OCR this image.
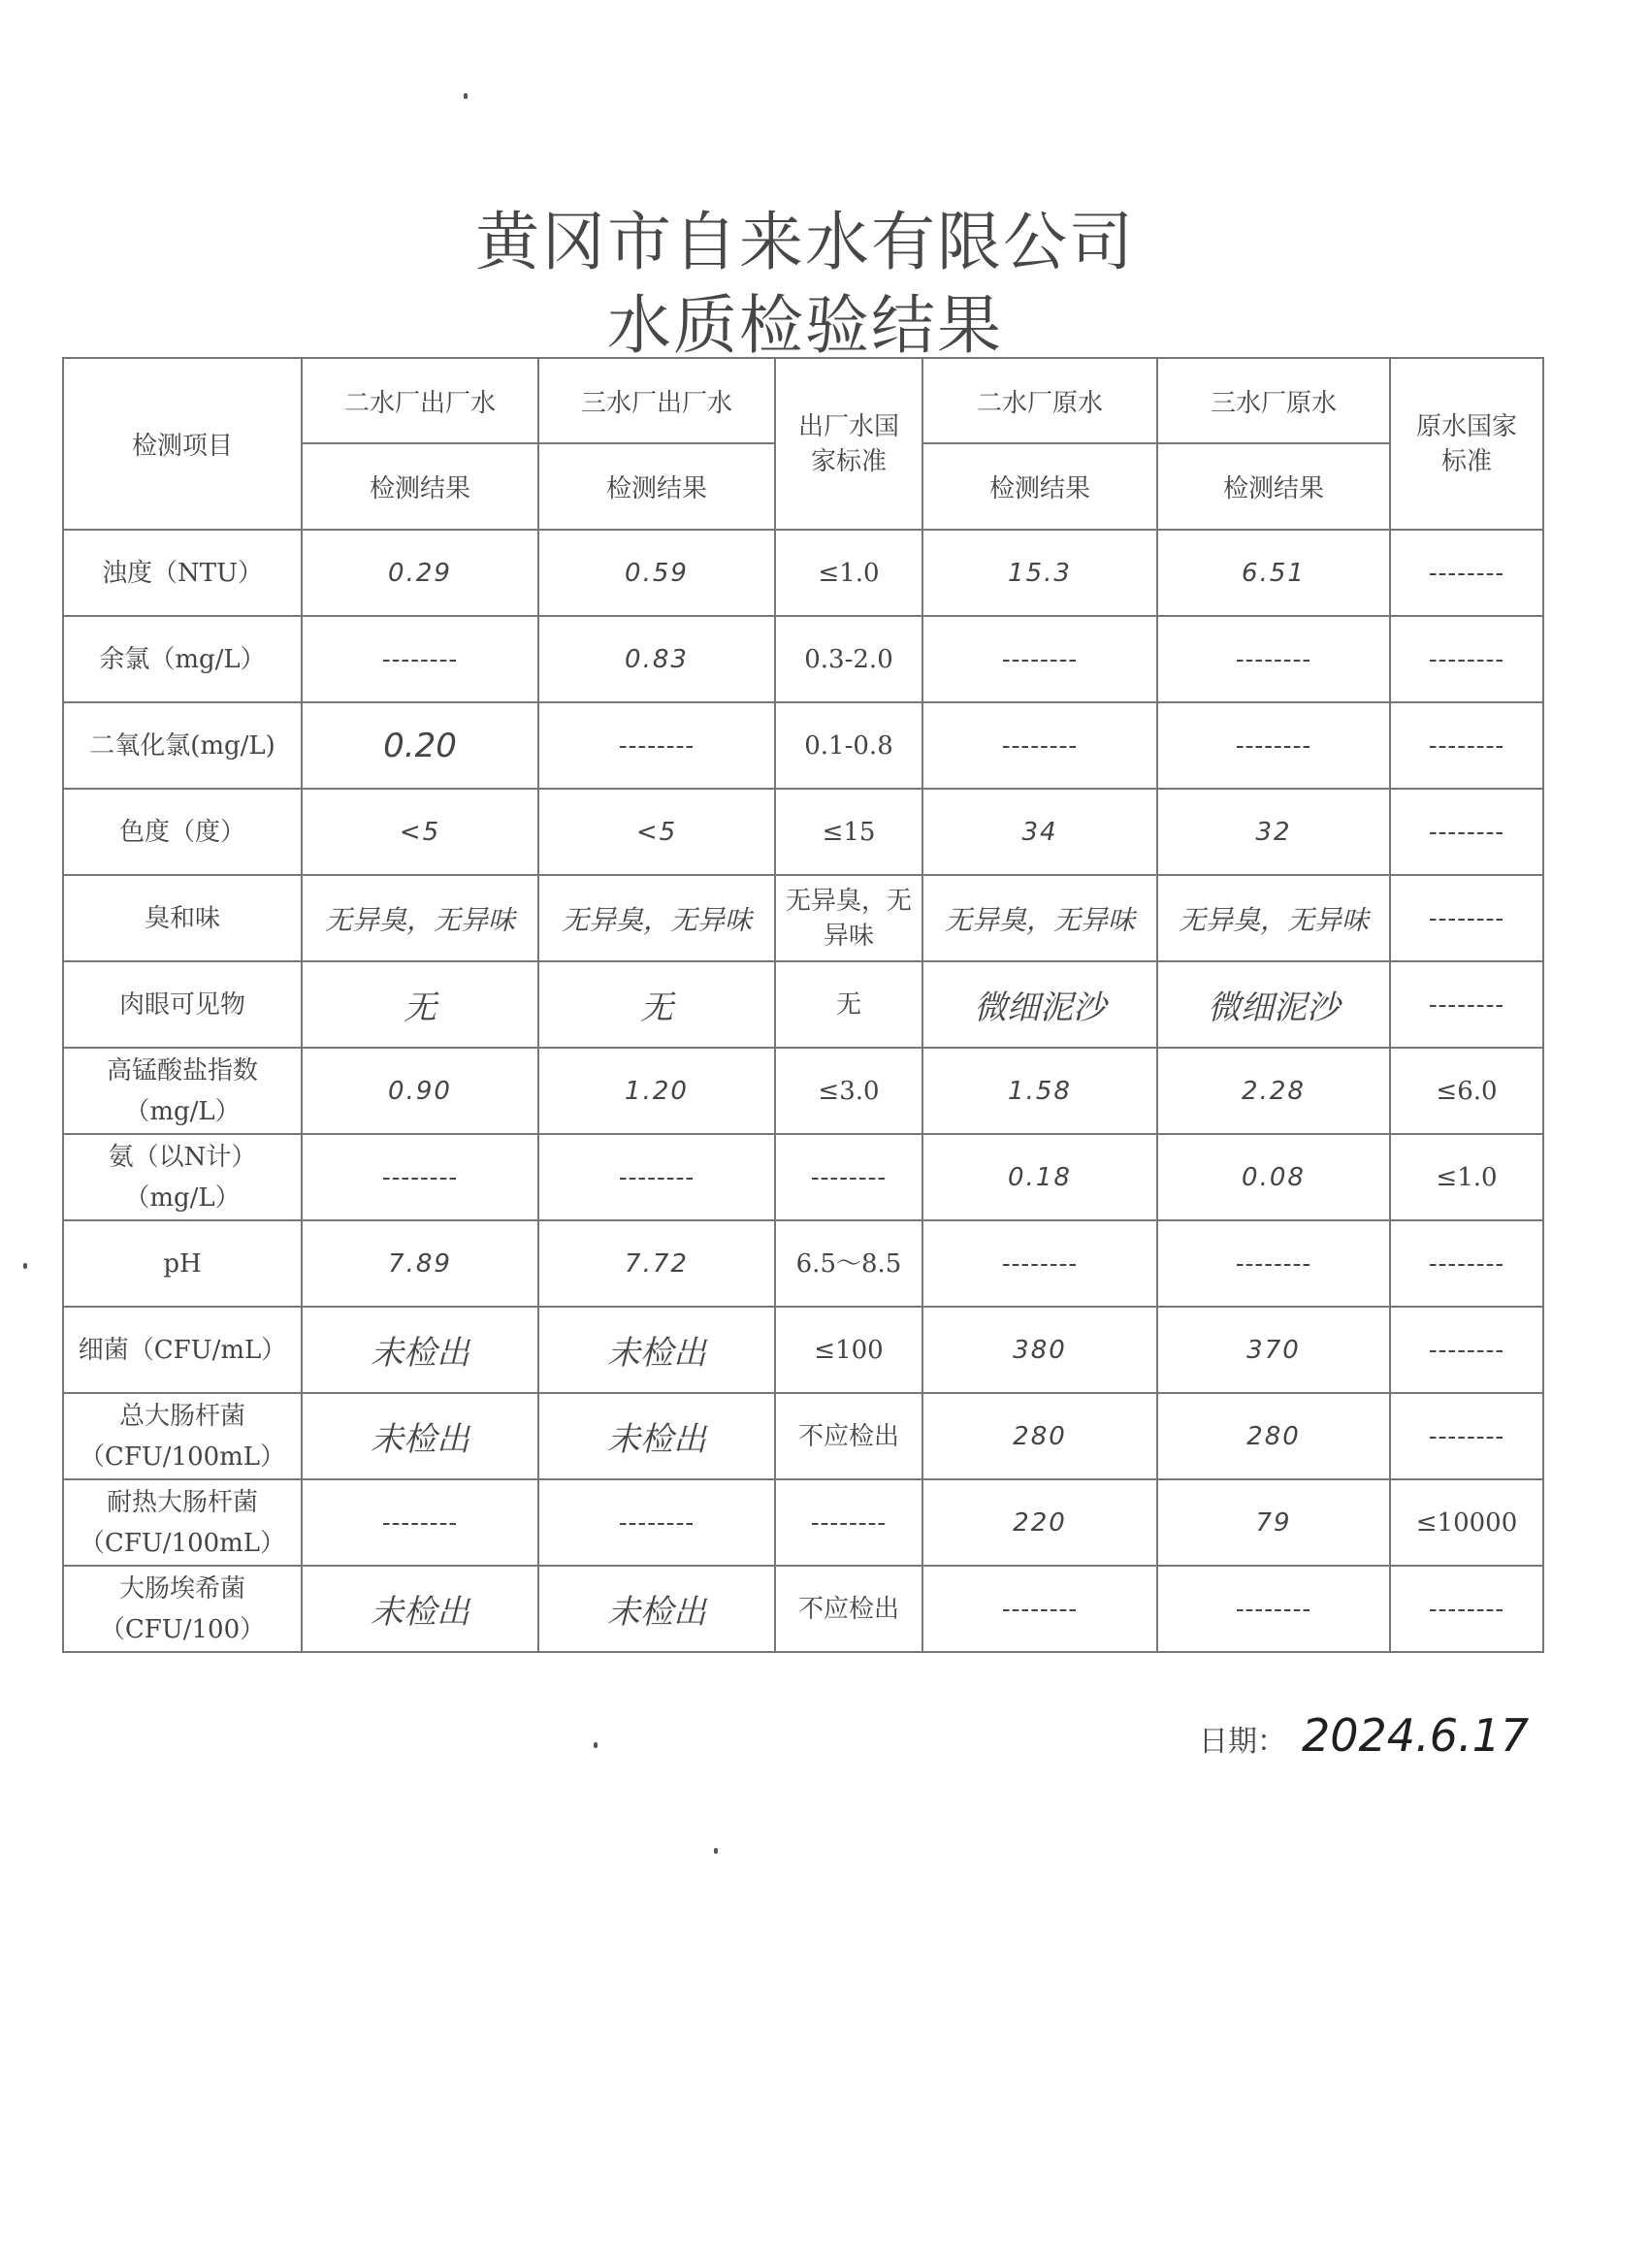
黄冈市自来水有限公司
水质检验结果
检测项目	二水厂出厂水	三水厂出厂水	出厂水国家标准	二水厂原水	三水厂原水	原水国家标准
	检测结果	检测结果		检测结果	检测结果	
浊度（NTU）	0.29	0.59	≤1.0	15.3	6.51	--------
余氯（mg/L）	--------	0.83	0.3-2.0	--------	--------	--------
二氧化氯(mg/L)	0.20	--------	0.1-0.8	--------	--------	--------
色度（度）	<5	<5	≤15	34	32	--------
臭和味	无异臭，无异味	无异臭，无异味	无异臭，无异味	无异臭，无异味	无异臭，无异味	--------
肉眼可见物	无	无	无	微细泥沙	微细泥沙	--------
高锰酸盐指数（mg/L）	0.90	1.20	≤3.0	1.58	2.28	≤6.0
氨（以N计）（mg/L）	--------	--------	--------	0.18	0.08	≤1.0
pH	7.89	7.72	6.5～8.5	--------	--------	--------
细菌（CFU/mL）	未检出	未检出	≤100	380	370	--------
总大肠杆菌（CFU/100mL）	未检出	未检出	不应检出	280	280	--------
耐热大肠杆菌（CFU/100mL）	--------	--------	--------	220	79	≤10000
大肠埃希菌（CFU/100）	未检出	未检出	不应检出	--------	--------	--------
日期： 2024.6.17
